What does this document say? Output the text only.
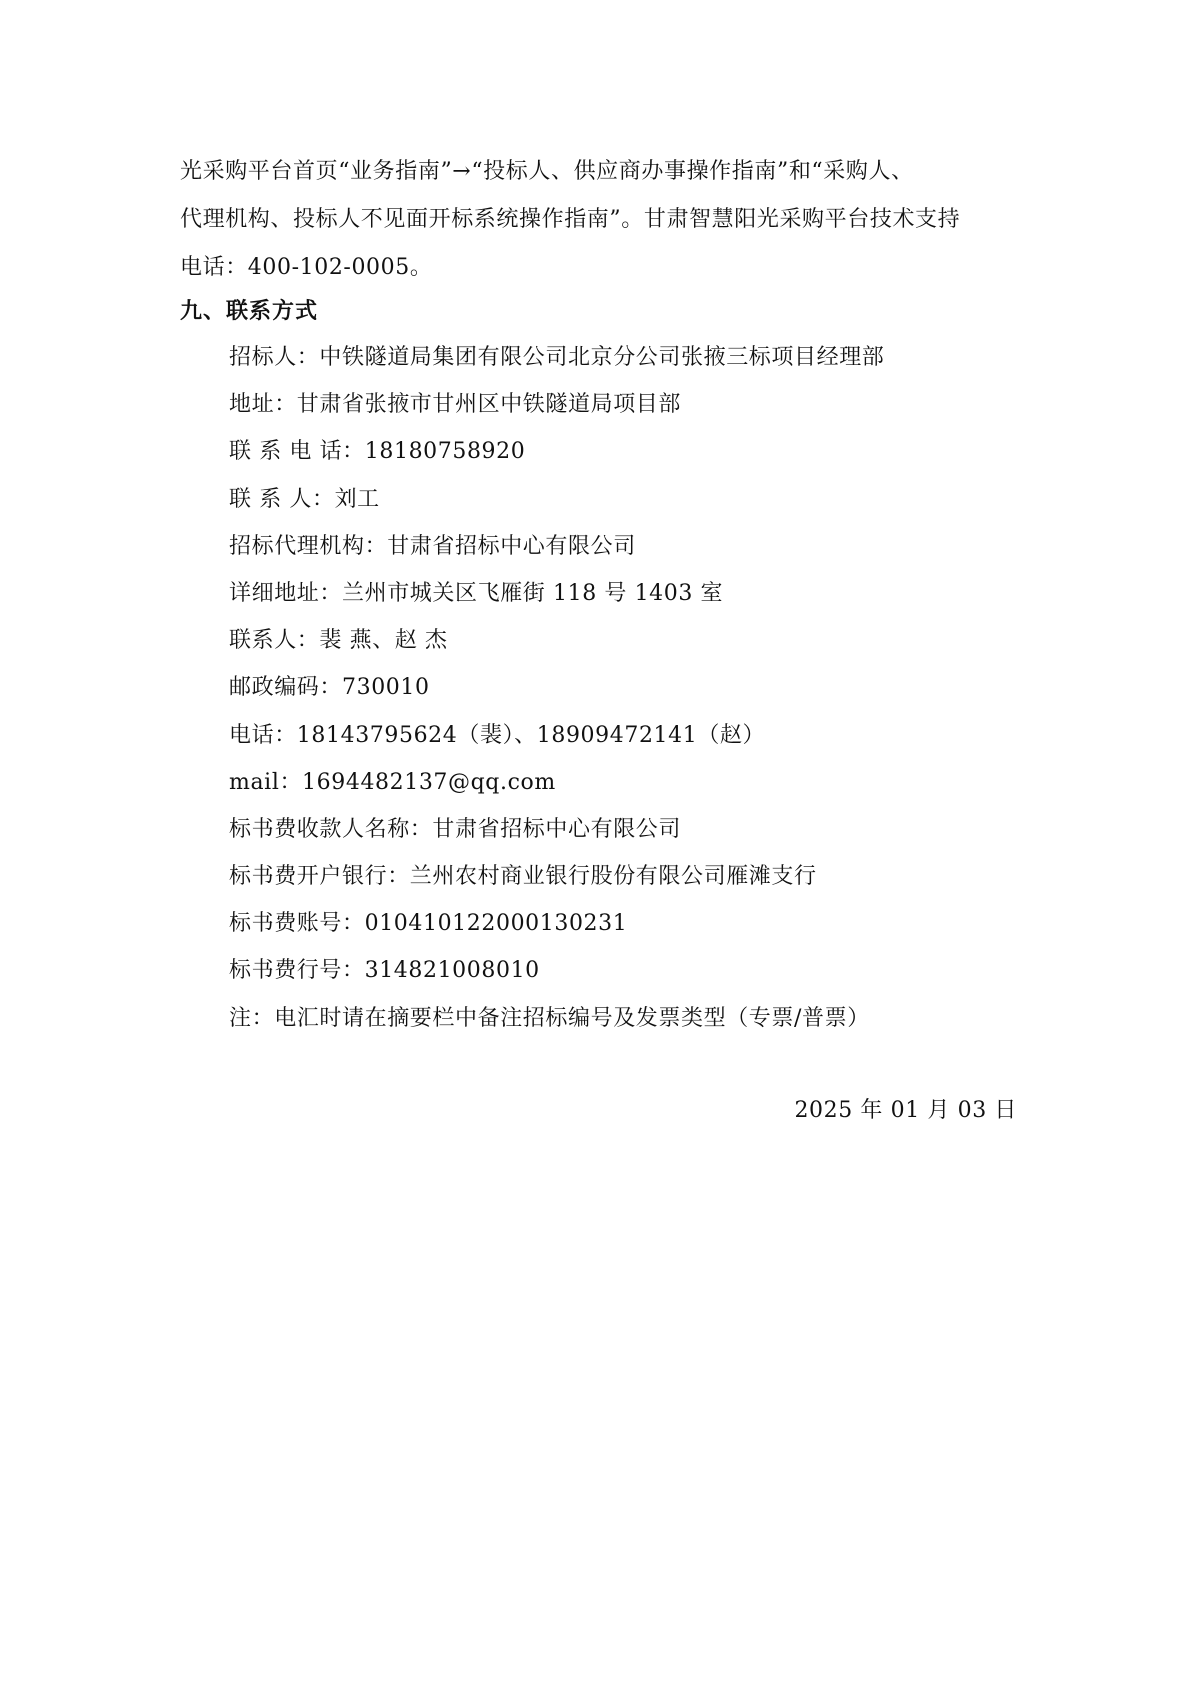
光采购平台首页“业务指南”→“投标人、供应商办事操作指南”和“采购人、
代理机构、投标人不见面开标系统操作指南”。甘肃智慧阳光采购平台技术支持
电话：400-102-0005。
九、联系方式
招标人：中铁隧道局集团有限公司北京分公司张掖三标项目经理部
地址：甘肃省张掖市甘州区中铁隧道局项目部
联 系 电 话：18180758920
联 系 人：刘工
招标代理机构：甘肃省招标中心有限公司
详细地址：兰州市城关区飞雁街 118 号 1403 室
联系人：裴 燕、赵 杰
邮政编码：730010
电话：18143795624（裴）、18909472141（赵）
mail：1694482137@qq.com
标书费收款人名称：甘肃省招标中心有限公司
标书费开户银行：兰州农村商业银行股份有限公司雁滩支行
标书费账号：010410122000130231
标书费行号：314821008010
注：电汇时请在摘要栏中备注招标编号及发票类型（专票/普票）
2025 年 01 月 03 日
